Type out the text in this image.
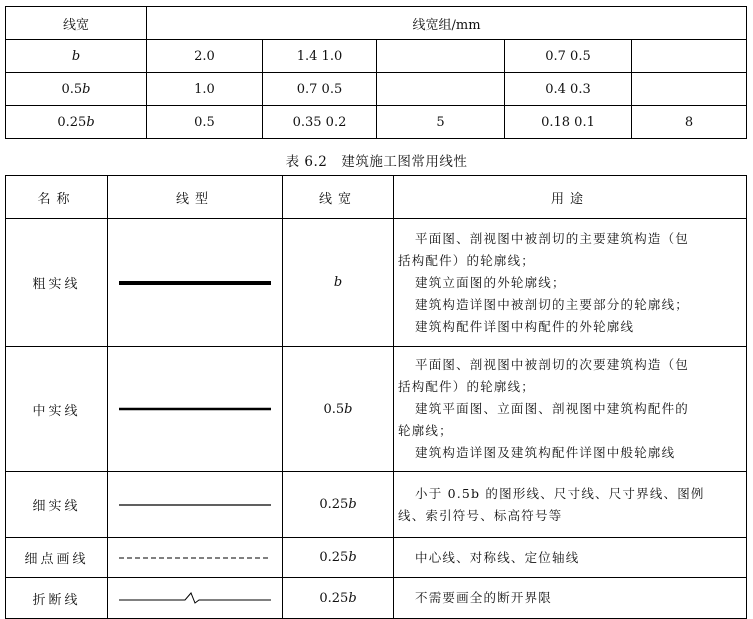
线宽	线宽组/mm				
b	2.0	1.4 1.0		0.7 0.5	
0.5b	1.0	0.7 0.5		0.4 0.3	
0.25b	0.5	0.35 0.2	5	0.18 0.1	8
表 6.2　建筑施工图常用线性
名称	线型	线宽	用途
粗实线		b	平面图、剖视图中被剖切的主要建筑构造（包
括构配件）的轮廓线；
建筑立面图的外轮廓线；
建筑构造详图中被剖切的主要部分的轮廓线；
建筑构配件详图中构配件的外轮廓线

中实线		0.5b	平面图、剖视图中被剖切的次要建筑构造（包
括构配件）的轮廓线；
建筑平面图、立面图、剖视图中建筑构配件的
轮廓线；
建筑构造详图及建筑构配件详图中般轮廓线

细实线		0.25b	小于 0.5b 的图形线、尺寸线、尺寸界线、图例
线、索引符号、标高符号等

细点画线		0.25b	中心线、对称线、定位轴线

折断线		0.25b	不需要画全的断开界限
